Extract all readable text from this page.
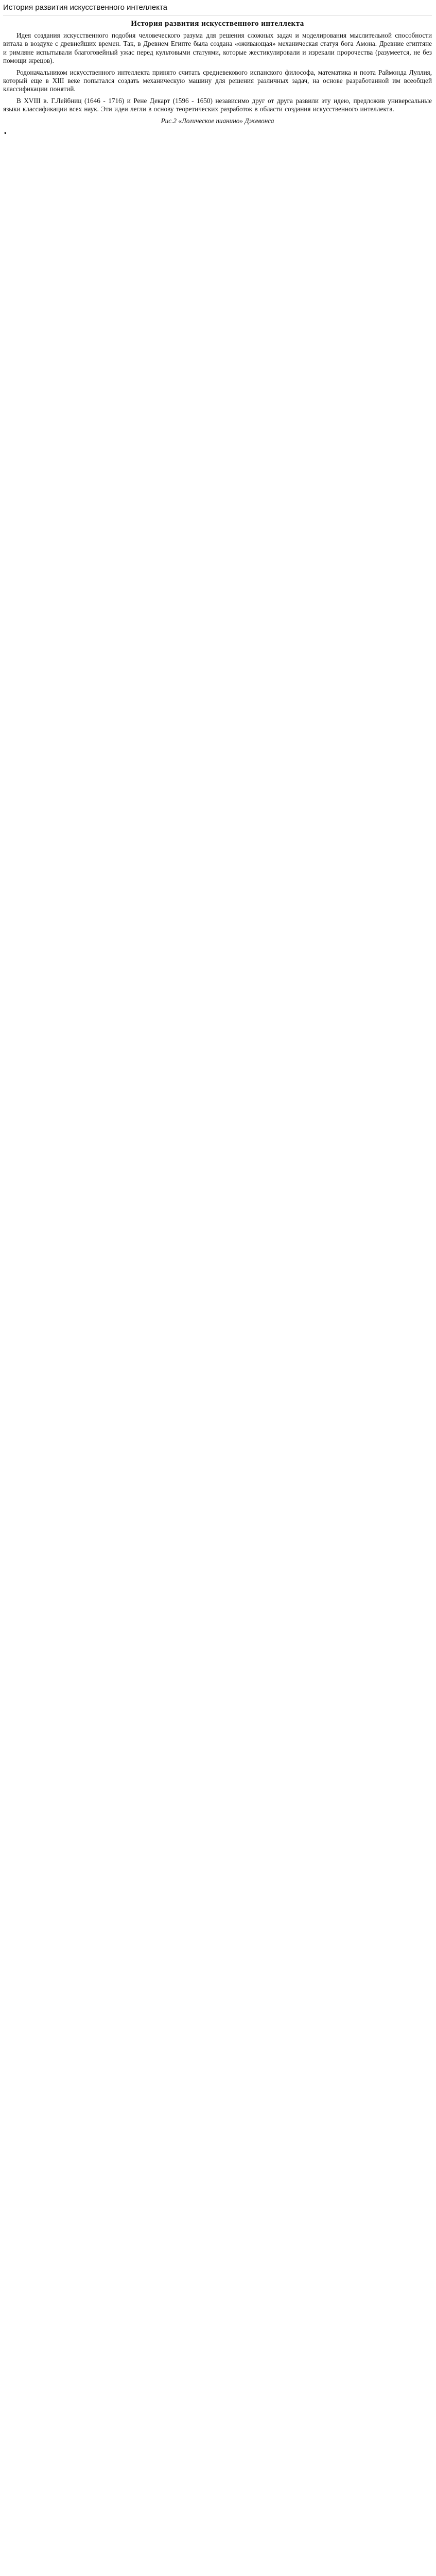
История развития искусственного интеллекта
История развития искусственного интеллекта

Идея создания искусственного подобия человеческого разума для решения сложных задач и моделирования мыслительной способности витала в воздухе с древнейших времен. Так, в Древнем Египте была создана «оживающая» механическая статуя бога Амона. Древние египтяне и римляне испытывали благоговейный ужас перед культовыми статуями, которые жестикулировали и изрекали пророчества (разумеется, не без помощи жрецов).

Родоначальником искусственного интеллекта принято считать средневекового испанского философа, математика и поэта Раймонда Луллия, который еще в XIII веке попытался создать механическую машину для решения различных задач, на основе разработанной им всеобщей классификации понятий.

В XVIII в. Г.Лейбниц (1646 - 1716) и Рене Декарт (1596 - 1650) независимо друг от друга развили эту идею, предложив универсальные языки классификации всех наук. Эти идеи легли в основу теоретических разработок в области создания искусственного интеллекта.

Рис.2 «Логическое пианино» Джевонса
